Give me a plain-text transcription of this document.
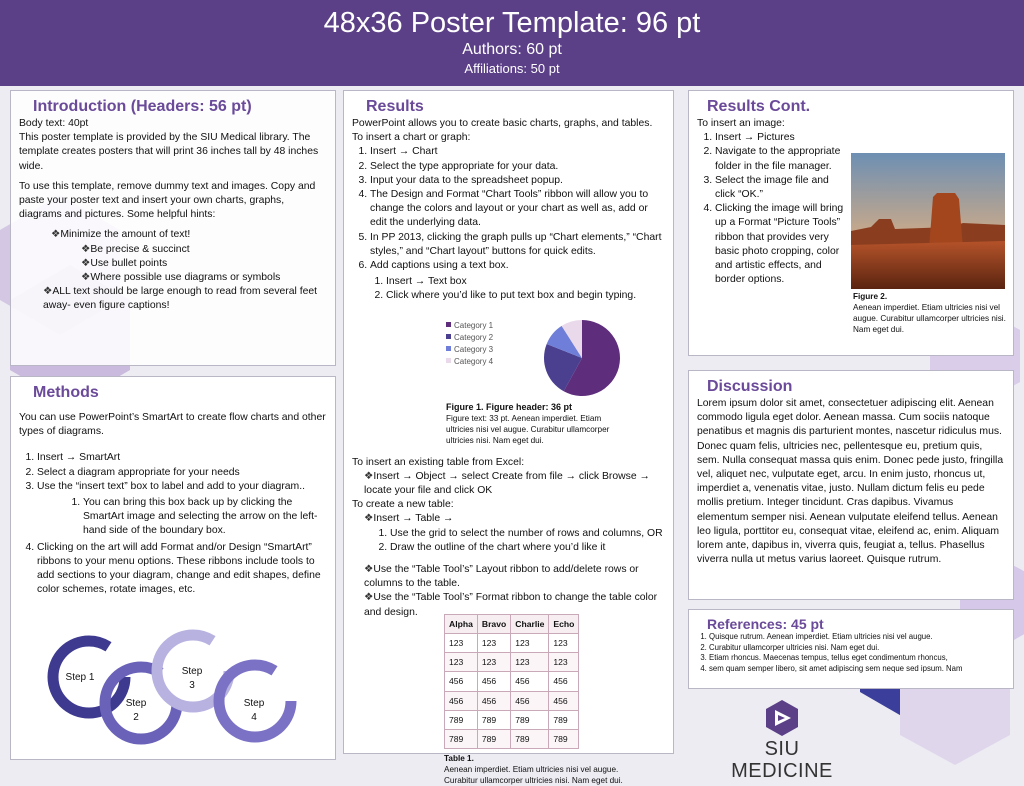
48x36 Poster Template: 96 pt
Authors: 60 pt
Affiliations: 50 pt
Introduction (Headers: 56 pt)
Body text: 40pt

This poster template is provided by the SIU Medical library. The template creates posters that will print 36 inches tall by 48 inches wide.

To use this template, remove dummy text and images. Copy and paste your poster text and insert your own charts, graphs, diagrams and pictures. Some helpful hints:

❖ Minimize the amount of text!
❖ Be precise & succinct
❖ Use bullet points
❖ Where possible use diagrams or symbols
❖ ALL text should be large enough to read from several feet away- even figure captions!
Methods

You can use PowerPoint’s SmartArt to create flow charts and other types of diagrams.

1. Insert → SmartArt
2. Select a diagram appropriate for your needs
3. Use the “insert text” box to label and add to your diagram..
1. You can bring this box back up by clicking the SmartArt image and selecting the arrow on the left-hand side of the boundary box.
4. Clicking on the art will add Format and/or Design “SmartArt” ribbons to your menu options. These ribbons include tools to add sections to your diagram, change and edit shapes, define color schemes, rotate images, etc.
Step 1
Step 2
Step 3
Step 4
Results

PowerPoint allows you to create basic charts, graphs, and tables. To insert a chart or graph:

1. Insert → Chart
2. Select the type appropriate for your data.
3. Input your data to the spreadsheet popup.
4. The Design and Format “Chart Tools” ribbon will allow you to change the colors and layout or your chart as well as, add or edit the underlying data.
5. In PP 2013, clicking the graph pulls up “Chart elements,” “Chart styles,” and “Chart layout” buttons for quick edits.
6. Add captions using a text box.
1. Insert → Text box
2. Click where you’d like to put text box and begin typing.
Category 1
Category 2
Category 3
Category 4
Figure 1. Figure header: 36 pt
Figure text: 33 pt. Aenean imperdiet. Etiam ultricies nisi vel augue. Curabitur ullamcorper ultricies nisi. Nam eget dui.
To insert an existing table from Excel:
❖ Insert → Object → select Create from file → click Browse → locate your file and click OK
To create a new table:
❖ Insert → Table →
1. Use the grid to select the number of rows and columns, OR
2. Draw the outline of the chart where you’d like it
❖ Use the “Table Tool’s” Layout ribbon to add/delete rows or columns to the table.
❖ Use the “Table Tool’s” Format ribbon to change the table color and design.
Alpha	Bravo	Charlie	Echo
123	123	123	123
123	123	123	123
456	456	456	456
456	456	456	456
789	789	789	789
789	789	789	789
Table 1.
Aenean imperdiet. Etiam ultricies nisi vel augue. Curabitur ullamcorper ultricies nisi. Nam eget dui.
Results Cont.
To insert an image:
1. Insert → Pictures
2. Navigate to the appropriate folder in the file manager.
3. Select the image file and click “OK.”
4. Clicking the image will bring up a Format “Picture Tools” ribbon that provides very basic photo cropping, color and artistic effects, and border options.
Figure 2.
Aenean imperdiet. Etiam ultricies nisi vel augue. Curabitur ullamcorper ultricies nisi. Nam eget dui.
Discussion

Lorem ipsum dolor sit amet, consectetuer adipiscing elit. Aenean commodo ligula eget dolor. Aenean massa. Cum sociis natoque penatibus et magnis dis parturient montes, nascetur ridiculus mus. Donec quam felis, ultricies nec, pellentesque eu, pretium quis, sem. Nulla consequat massa quis enim. Donec pede justo, fringilla vel, aliquet nec, vulputate eget, arcu. In enim justo, rhoncus ut, imperdiet a, venenatis vitae, justo. Nullam dictum felis eu pede mollis pretium. Integer tincidunt. Cras dapibus. Vivamus elementum semper nisi. Aenean vulputate eleifend tellus. Aenean leo ligula, porttitor eu, consequat vitae, eleifend ac, enim. Aliquam lorem ante, dapibus in, viverra quis, feugiat a, tellus. Phasellus viverra nulla ut metus varius laoreet. Quisque rutrum.

References: 45 pt
1. Quisque rutrum. Aenean imperdiet. Etiam ultricies nisi vel augue.
2. Curabitur ullamcorper ultricies nisi. Nam eget dui.
3. Etiam rhoncus. Maecenas tempus, tellus eget condimentum rhoncus,
4. sem quam semper libero, sit amet adipiscing sem neque sed ipsum. Nam
SIU MEDICINE
